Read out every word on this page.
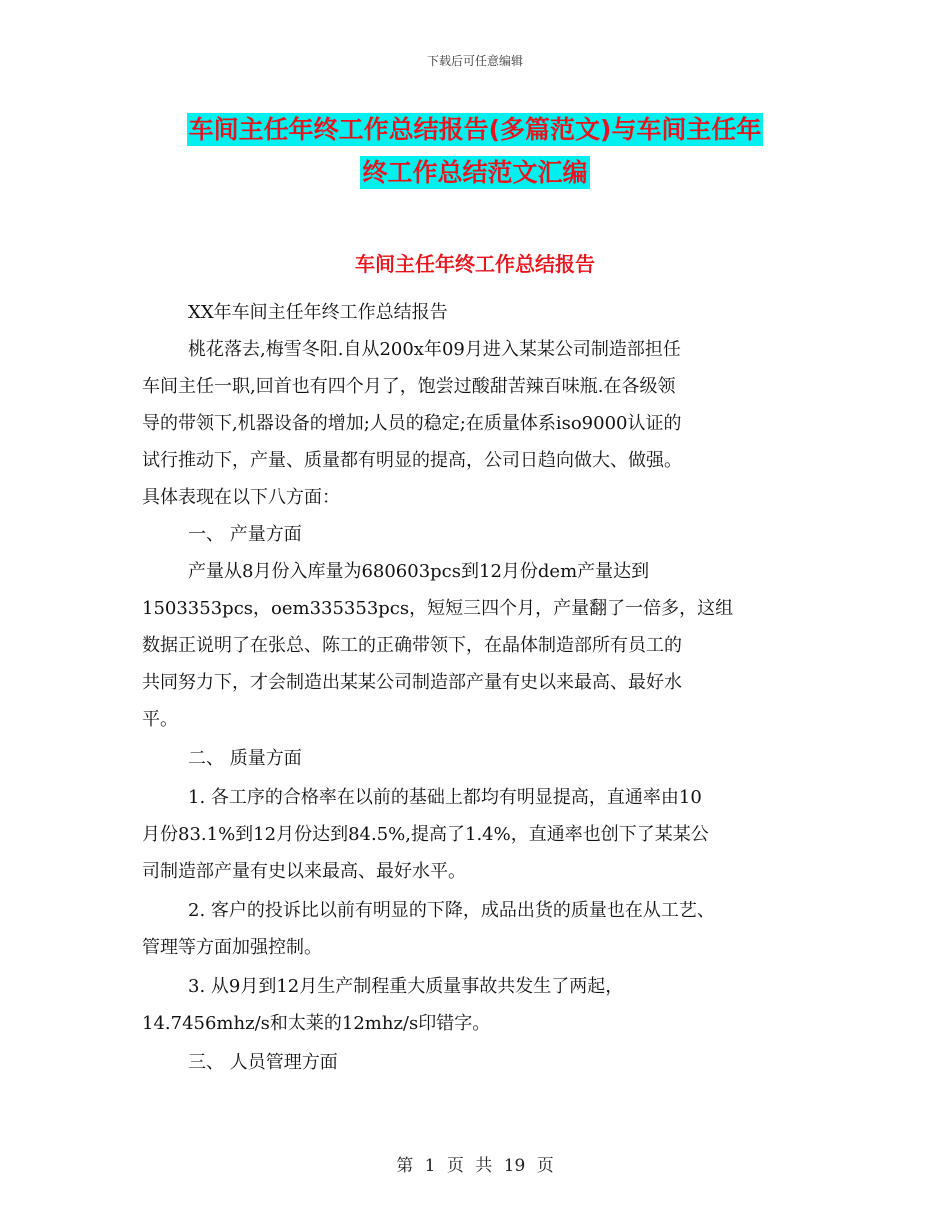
下载后可任意编辑
车间主任年终工作总结报告(多篇范文)与车间主任年
终工作总结范文汇编
车间主任年终工作总结报告
XX年车间主任年终工作总结报告
桃花落去,梅雪冬阳.自从200x年09月进入某某公司制造部担任
车间主任一职,回首也有四个月了，饱尝过酸甜苦辣百味瓶.在各级领
导的带领下,机器设备的增加;人员的稳定;在质量体系iso9000认证的
试行推动下，产量、质量都有明显的提高，公司日趋向做大、做强。
具体表现在以下八方面：
一、 产量方面
产量从8月份入库量为680603pcs到12月份dem产量达到
1503353pcs，oem335353pcs，短短三四个月，产量翻了一倍多，这组
数据正说明了在张总、陈工的正确带领下，在晶体制造部所有员工的
共同努力下，才会制造出某某公司制造部产量有史以来最高、最好水
平。
二、 质量方面
1. 各工序的合格率在以前的基础上都均有明显提高，直通率由10
月份83.1%到12月份达到84.5%,提高了1.4%，直通率也创下了某某公
司制造部产量有史以来最高、最好水平。
2. 客户的投诉比以前有明显的下降，成品出货的质量也在从工艺、
管理等方面加强控制。
3. 从9月到12月生产制程重大质量事故共发生了两起，
14.7456mhz/s和太莱的12mhz/s印错字。
三、 人员管理方面
第 1 页 共 19 页
